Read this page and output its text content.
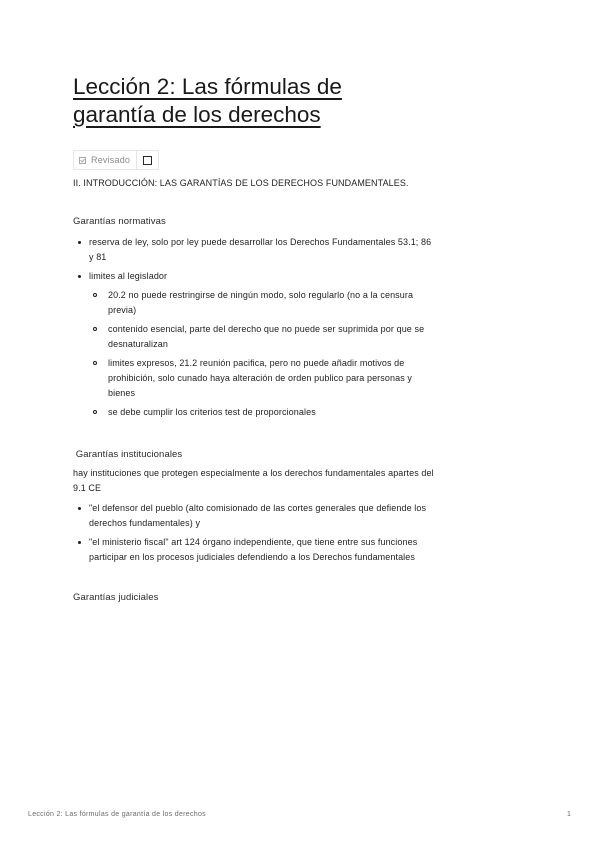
Lección 2: Las fórmulas de garantía de los derechos
Revisado
II. INTRODUCCIÓN: LAS GARANTÍAS DE LOS DERECHOS FUNDAMENTALES.
Garantías normativas
reserva de ley, solo por ley puede desarrollar los Derechos Fundamentales 53.1; 86 y 81
limites al legislador
20.2 no puede restringirse de ningún modo, solo regularlo (no a la censura previa)
contenido esencial, parte del derecho que no puede ser suprimida por que se desnaturalizan
limites expresos, 21.2 reunión pacifica, pero no puede añadir motivos de prohibición, solo cunado haya alteración de orden publico para personas y bienes
se debe cumplir los criterios test de proporcionales
Garantías institucionales
hay instituciones que protegen especialmente a los derechos fundamentales apartes del 9.1 CE
"el defensor del pueblo (alto comisionado de las cortes generales que defiende los derechos fundamentales) y
"el ministerio fiscal" art 124 órgano independiente, que tiene entre sus funciones participar en los procesos judiciales defendiendo a los Derechos fundamentales
Garantías judiciales
Lección 2: Las fórmulas de garantía de los derechos	1
